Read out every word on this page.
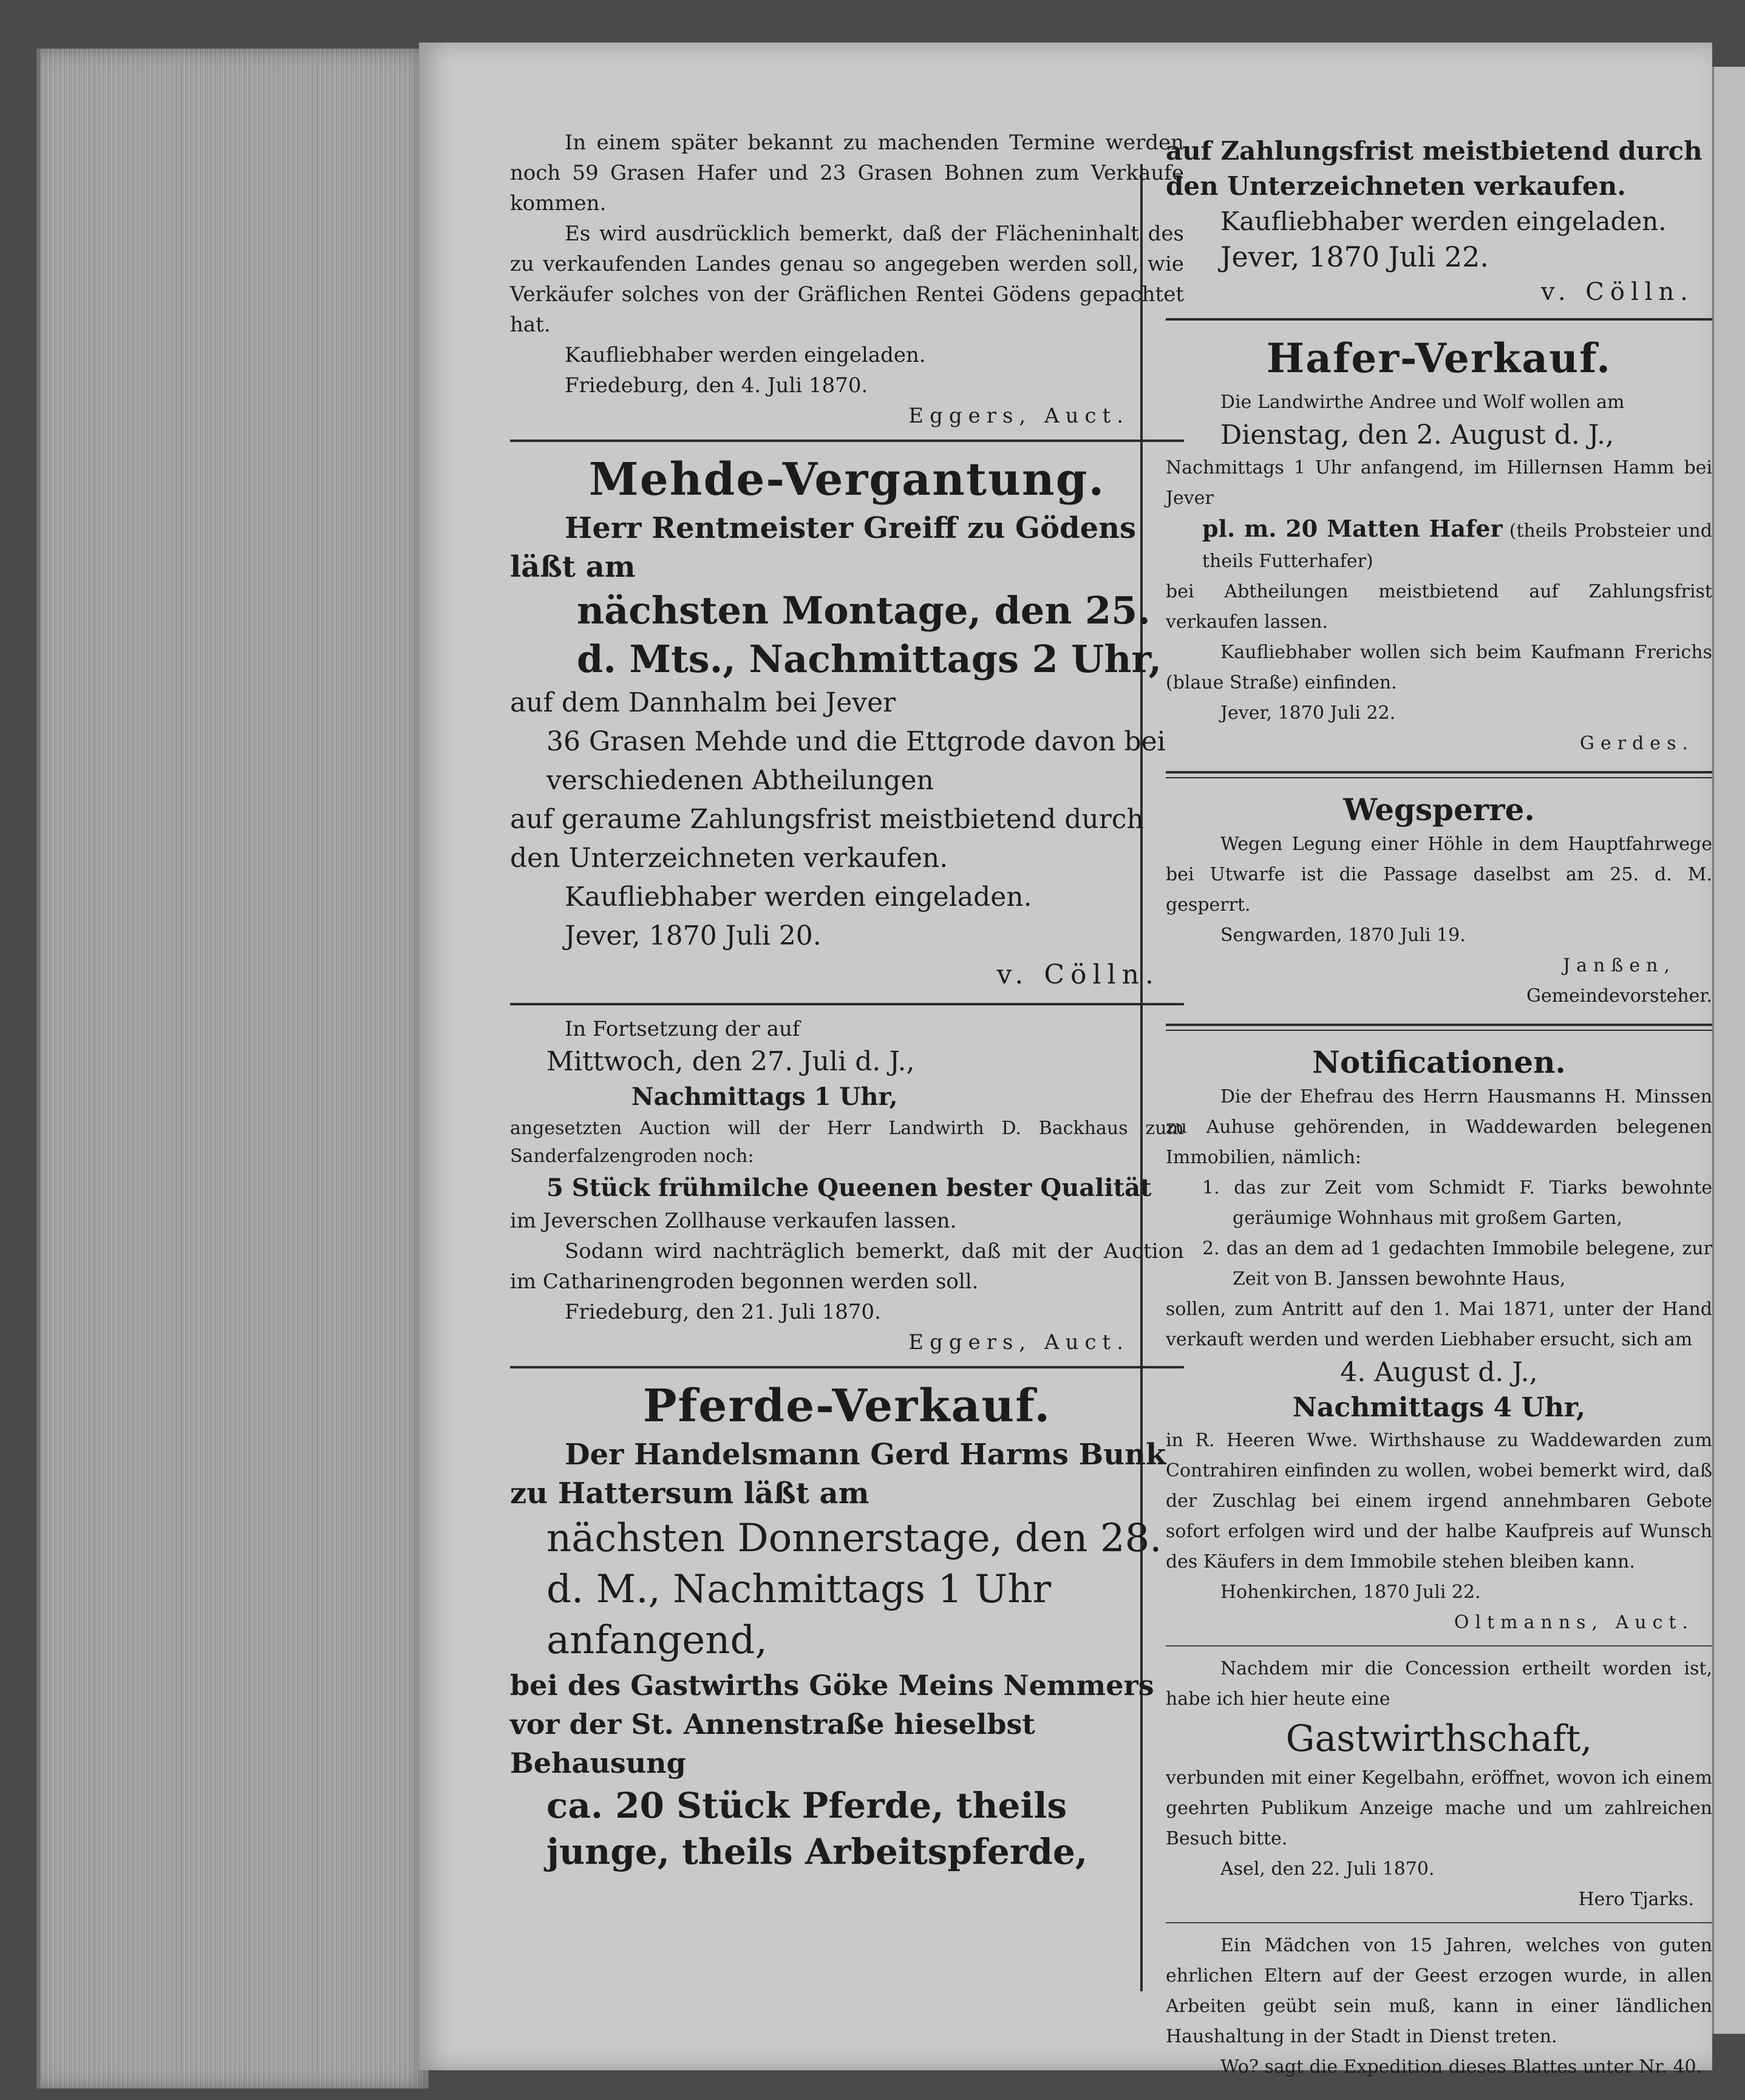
In einem später bekannt zu machenden Termine werden noch 59 Grasen Hafer und 23 Grasen Bohnen zum Verkaufe kommen.

Es wird ausdrücklich bemerkt, daß der Flächeninhalt des zu verkaufenden Landes genau so angegeben werden soll, wie Verkäufer solches von der Gräflichen Rentei Gödens gepachtet hat.

Kaufliebhaber werden eingeladen.

Friedeburg, den 4. Juli 1870.

Eggers, Auct.

Mehde-Vergantung.

Herr Rentmeister Greiff zu Gödens läßt am

nächsten Montage, den 25. d. Mts., Nachmittags 2 Uhr,

auf dem Dannhalm bei Jever

36 Grasen Mehde und die Ettgrode davon bei verschiedenen Abtheilungen

auf geraume Zahlungsfrist meistbietend durch den Unterzeichneten verkaufen.

Kaufliebhaber werden eingeladen.

Jever, 1870 Juli 20.

v. Cölln.

In Fortsetzung der auf

Mittwoch, den 27. Juli d. J.,

Nachmittags 1 Uhr,

angesetzten Auction will der Herr Landwirth D. Backhaus zum Sanderfalzengroden noch:

5 Stück frühmilche Queenen bester Qualität

im Jeverschen Zollhause verkaufen lassen.

Sodann wird nachträglich bemerkt, daß mit der Auction im Catharinengroden begonnen werden soll.

Friedeburg, den 21. Juli 1870.

Eggers, Auct.

Pferde-Verkauf.

Der Handelsmann Gerd Harms Bunk zu Hattersum läßt am

nächsten Donnerstage, den 28. d. M., Nachmittags 1 Uhr anfangend,

bei des Gastwirths Göke Meins Nemmers vor der St. Annenstraße hieselbst Behausung

ca. 20 Stück Pferde, theils junge, theils Arbeitspferde,

auf Zahlungsfrist meistbietend durch den Unterzeichneten verkaufen.

Kaufliebhaber werden eingeladen.

Jever, 1870 Juli 22.

v. Cölln.

Hafer-Verkauf.

Die Landwirthe Andree und Wolf wollen am

Dienstag, den 2. August d. J.,

Nachmittags 1 Uhr anfangend, im Hillernsen Hamm bei Jever

pl. m. 20 Matten Hafer (theils Probsteier und theils Futterhafer)

bei Abtheilungen meistbietend auf Zahlungsfrist verkaufen lassen.

Kaufliebhaber wollen sich beim Kaufmann Frerichs (blaue Straße) einfinden.

Jever, 1870 Juli 22.

Gerdes.

Wegsperre.

Wegen Legung einer Höhle in dem Hauptfahrwege bei Utwarfe ist die Passage daselbst am 25. d. M. gesperrt.

Sengwarden, 1870 Juli 19.

Janßen,

Gemeindevorsteher.

Notificationen.

Die der Ehefrau des Herrn Hausmanns H. Minssen zu Auhuse gehörenden, in Waddewarden belegenen Immobilien, nämlich:

1. das zur Zeit vom Schmidt F. Tiarks bewohnte geräumige Wohnhaus mit großem Garten,

2. das an dem ad 1 gedachten Immobile belegene, zur Zeit von B. Janssen bewohnte Haus,

sollen, zum Antritt auf den 1. Mai 1871, unter der Hand verkauft werden und werden Liebhaber ersucht, sich am

4. August d. J.,

Nachmittags 4 Uhr,

in R. Heeren Wwe. Wirthshause zu Waddewarden zum Contrahiren einfinden zu wollen, wobei bemerkt wird, daß der Zuschlag bei einem irgend annehmbaren Gebote sofort erfolgen wird und der halbe Kaufpreis auf Wunsch des Käufers in dem Immobile stehen bleiben kann.

Hohenkirchen, 1870 Juli 22.

Oltmanns, Auct.

Nachdem mir die Concession ertheilt worden ist, habe ich hier heute eine

Gastwirthschaft,

verbunden mit einer Kegelbahn, eröffnet, wovon ich einem geehrten Publikum Anzeige mache und um zahlreichen Besuch bitte.

Asel, den 22. Juli 1870.

Hero Tjarks.

Ein Mädchen von 15 Jahren, welches von guten ehrlichen Eltern auf der Geest erzogen wurde, in allen Arbeiten geübt sein muß, kann in einer ländlichen Haushaltung in der Stadt in Dienst treten.

Wo? sagt die Expedition dieses Blattes unter Nr. 40.
